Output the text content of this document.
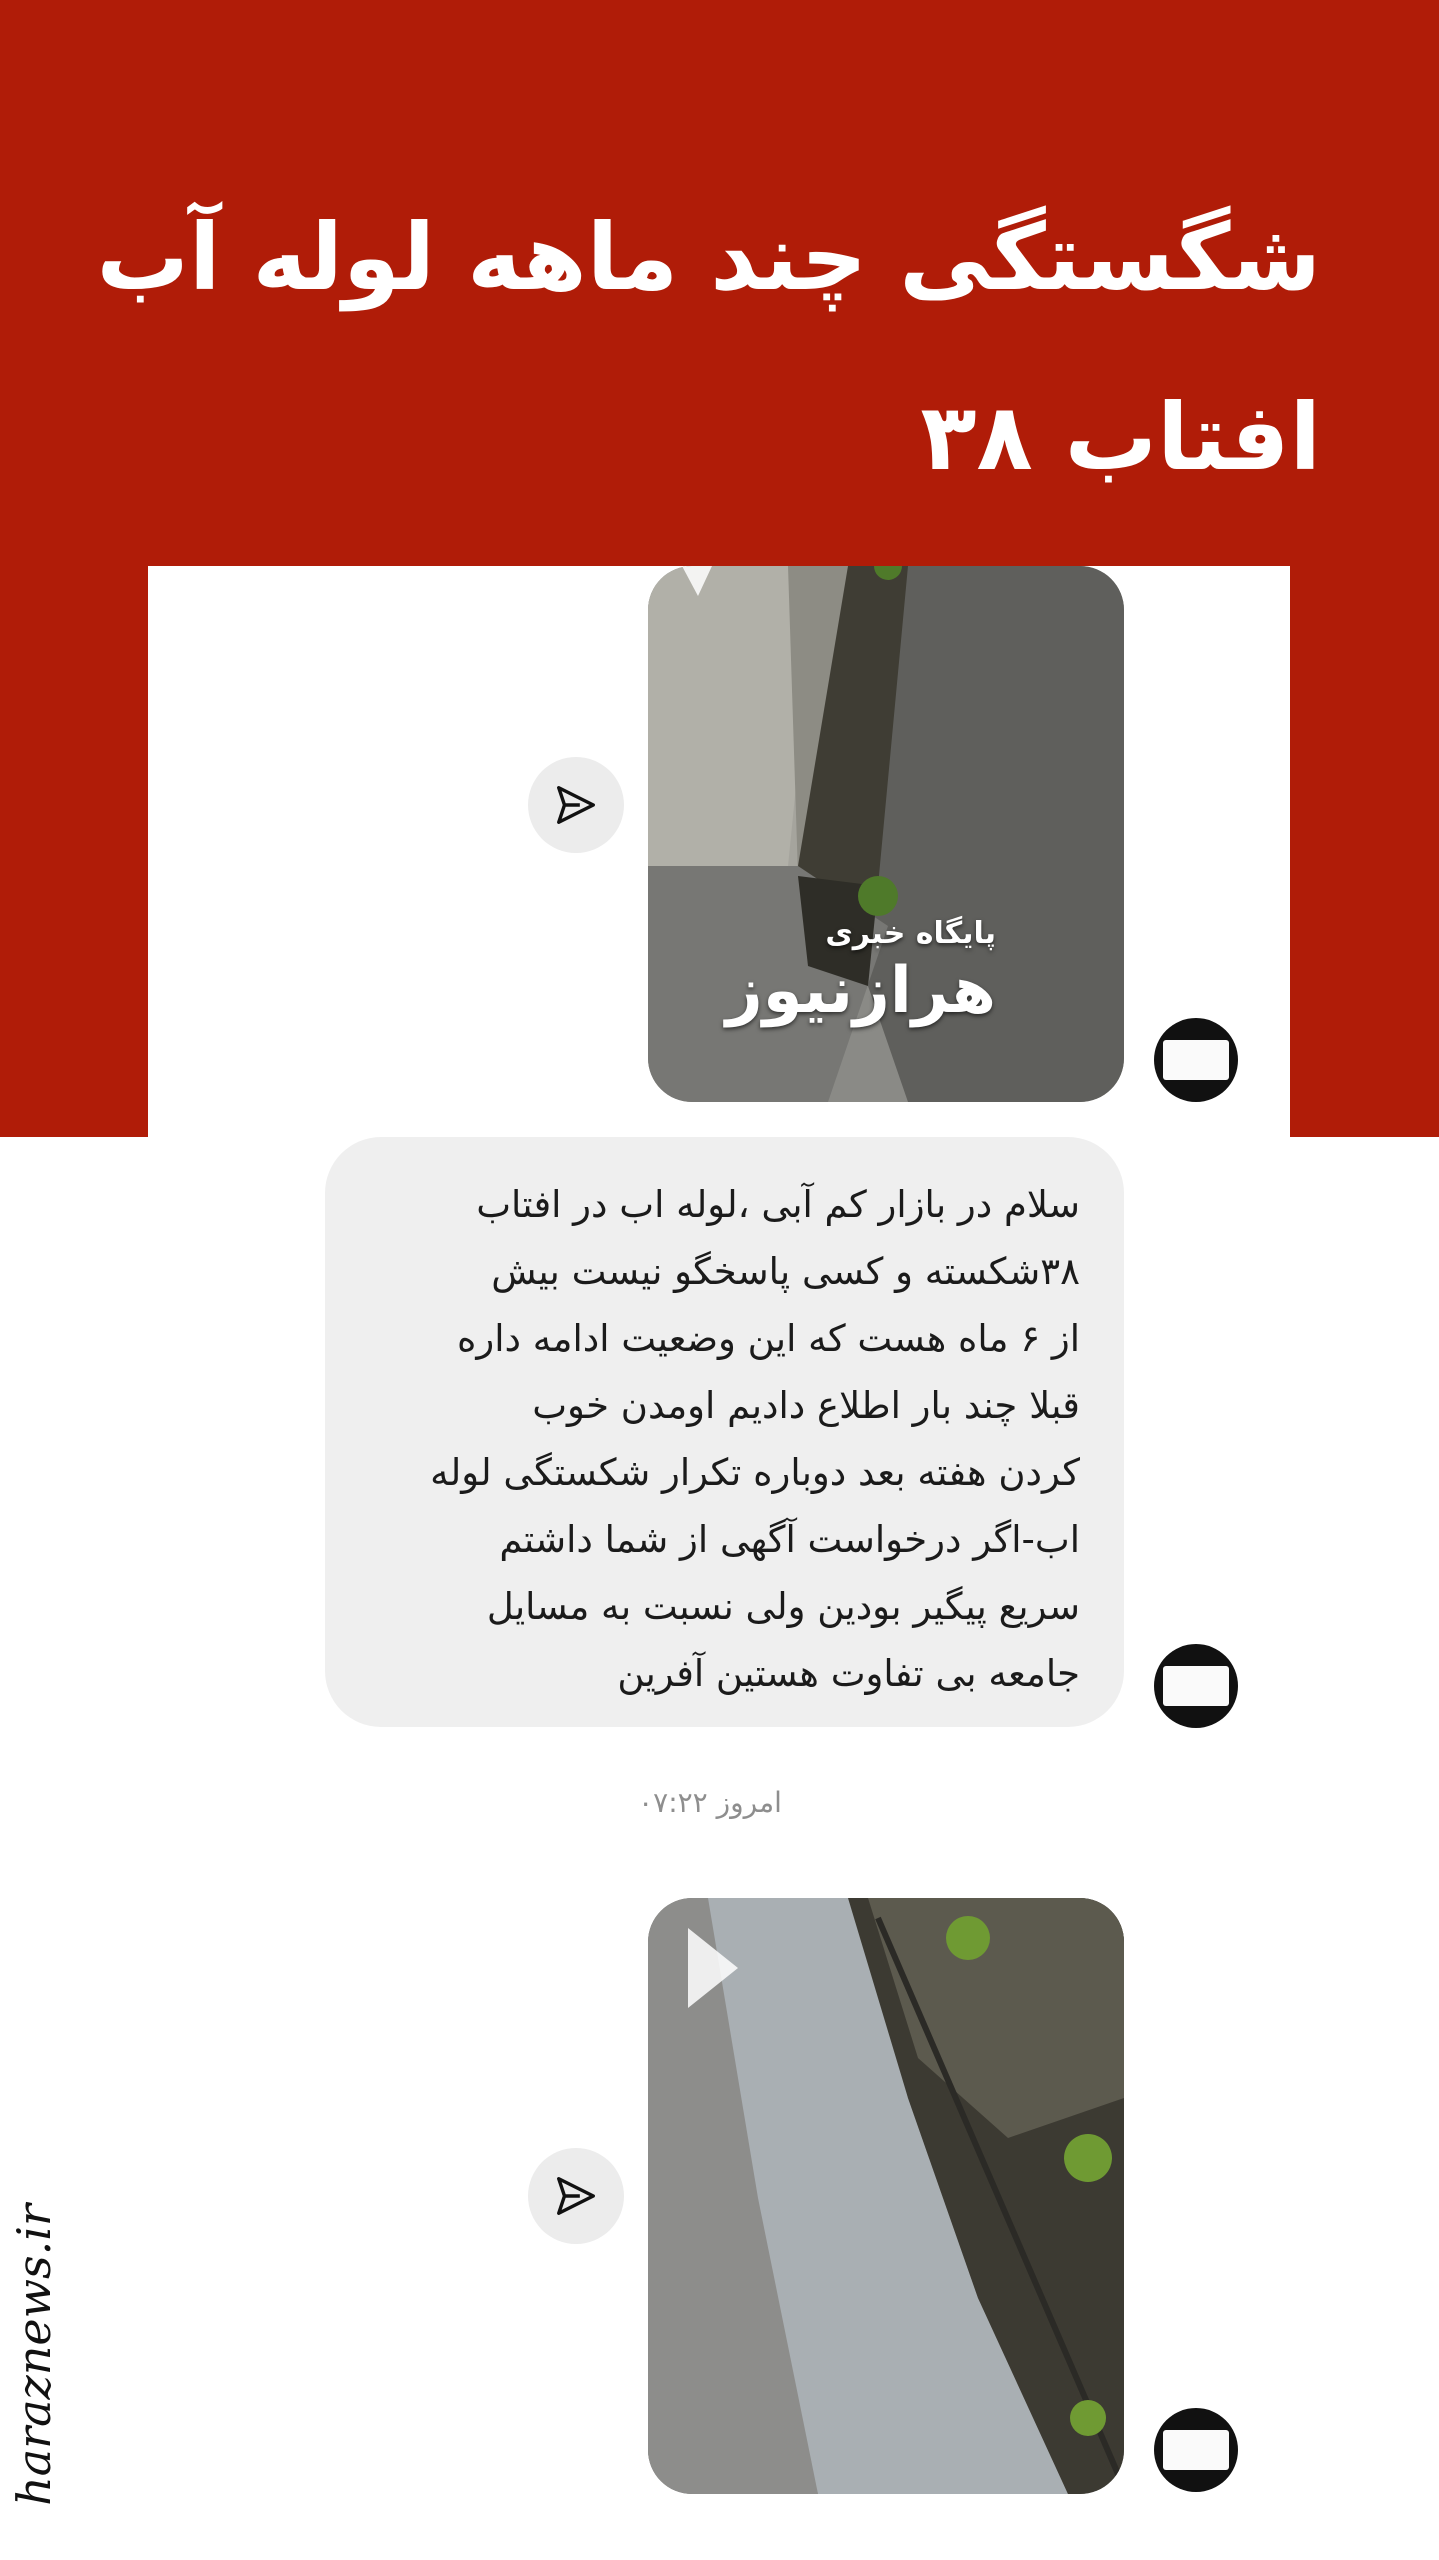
شگستگی چند ماهه لوله آب
افتاب ۳۸
پایگاه خبری
هرازنیوز
سلام در بازار کم آبی ،لوله اب در افتاب
۳۸شکسته و کسی پاسخگو نیست بیش
از ۶ ماه هست که این وضعیت ادامه داره
قبلا چند بار اطلاع دادیم اومدن خوب
کردن هفته بعد دوباره تکرار شکستگی لوله
اب-اگر درخواست آگهی از شما داشتم
سریع پیگیر بودین ولی نسبت به مسایل
جامعه بی تفاوت هستین آفرین
امروز ۰۷:۲۲
haraznews.ir
